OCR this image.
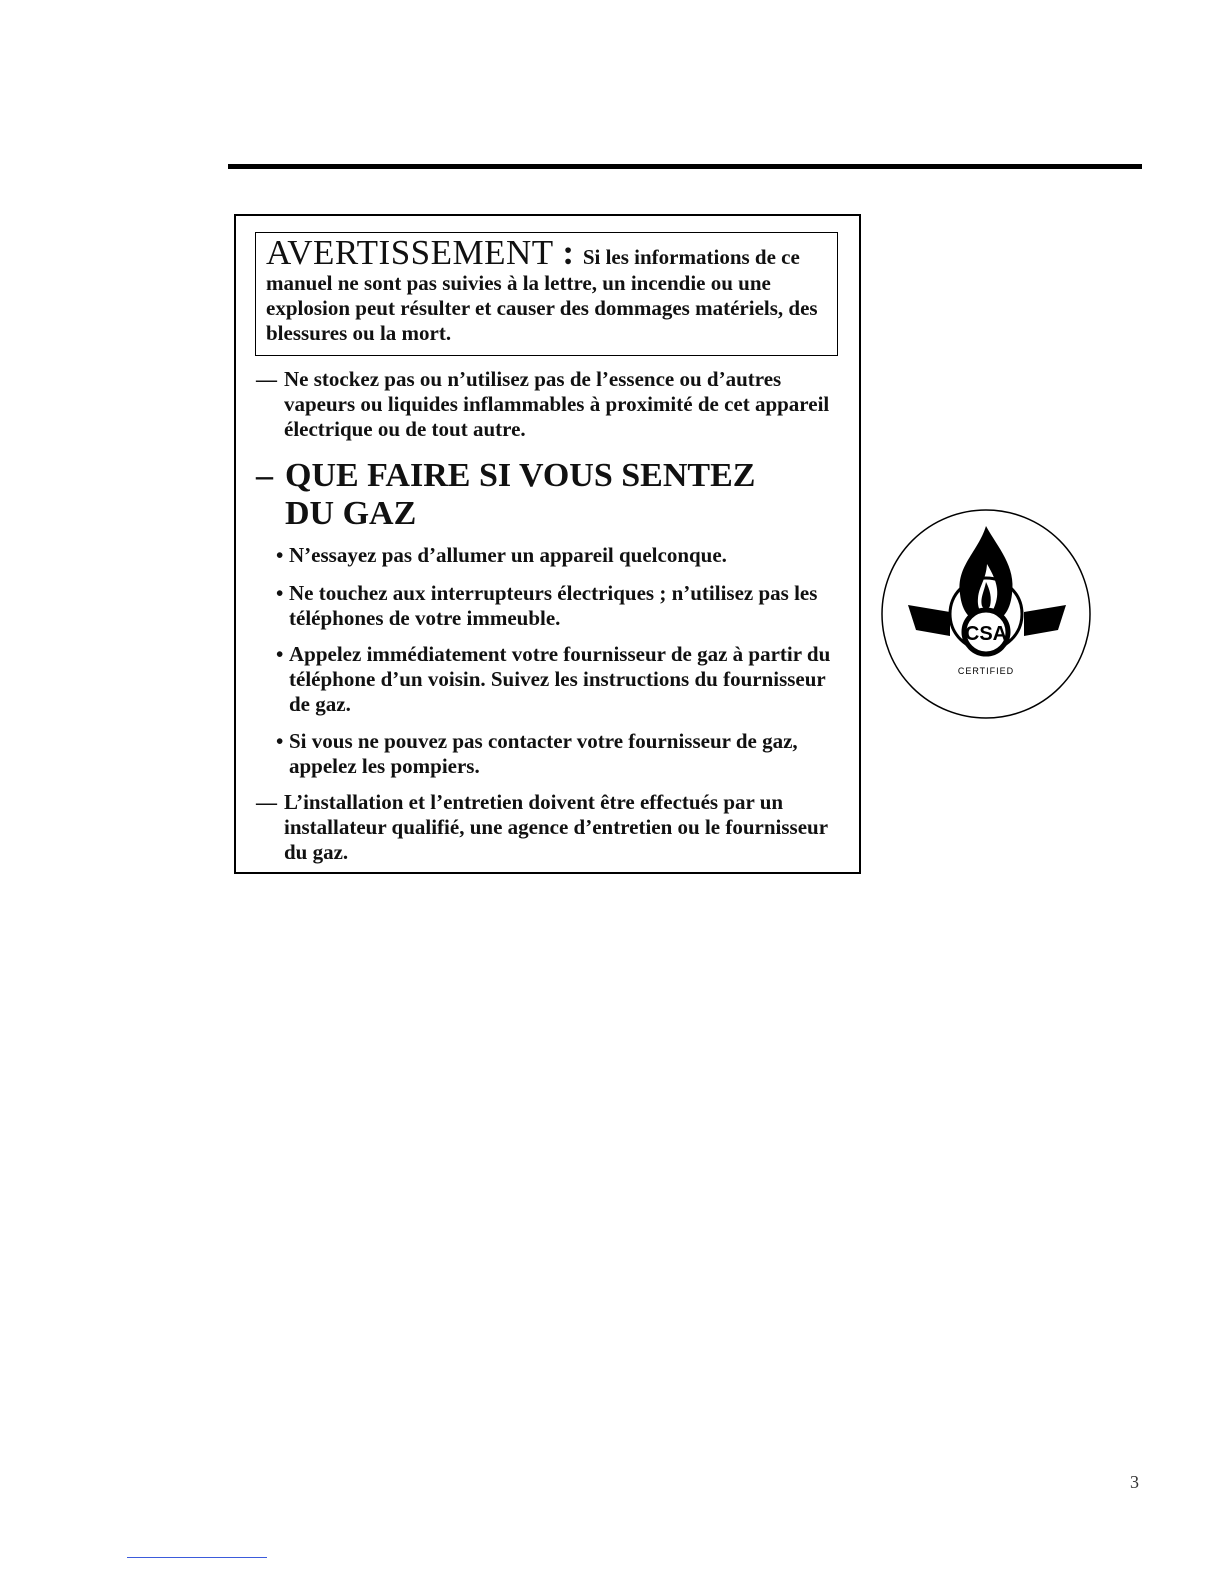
AVERTISSEMENT : Si les informations de ce manuel ne sont pas suivies à la lettre, un incendie ou une explosion peut résulter et causer des dommages matériels, des blessures ou la mort.
— Ne stockez pas ou n’utilisez pas de l’essence ou d’autres vapeurs ou liquides inflammables à proximité de cet appareil électrique ou de tout autre.
– QUE FAIRE SI VOUS SENTEZ DU GAZ
• N’essayez pas d’allumer un appareil quelconque.
• Ne touchez aux interrupteurs électriques ; n’utilisez pas les téléphones de votre immeuble.
• Appelez immédiatement votre fournisseur de gaz à partir du téléphone d’un voisin. Suivez les instructions du fournisseur de gaz.
• Si vous ne pouvez pas contacter votre fournisseur de gaz, appelez les pompiers.
— L’installation et l’entretien doivent être effectués par un installateur qualifié, une agence d’entretien ou le fournisseur du gaz.
CSA
CERTIFIED
3
